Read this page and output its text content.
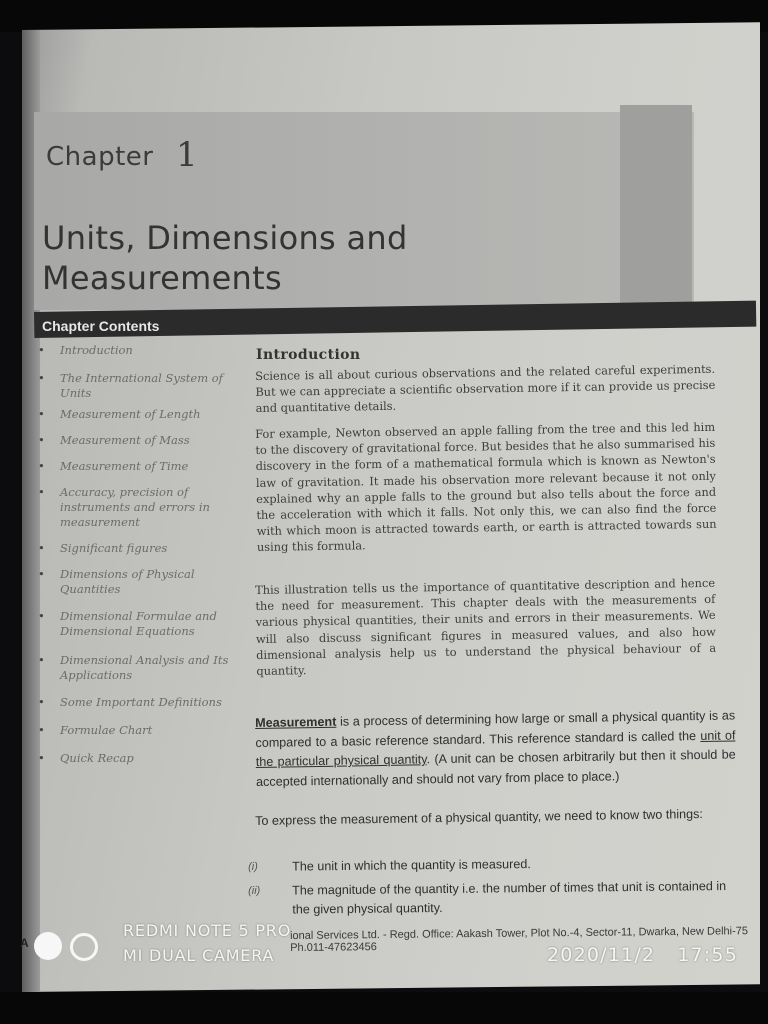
Chapter 1
Units, Dimensions and
Measurements
Chapter Contents
• Introduction
• The International System of Units
• Measurement of Length
• Measurement of Mass
• Measurement of Time
• Accuracy, precision of instruments and errors in measurement
• Significant figures
• Dimensions of Physical Quantities
• Dimensional Formulae and Dimensional Equations
• Dimensional Analysis and Its Applications
• Some Important Definitions
• Formulae Chart
• Quick Recap
Introduction

Science is all about curious observations and the related careful experiments. But we can appreciate a scientific observation more if it can provide us precise and quantitative details.

For example, Newton observed an apple falling from the tree and this led him to the discovery of gravitational force. But besides that he also summarised his discovery in the form of a mathematical formula which is known as Newton's law of gravitation. It made his observation more relevant because it not only explained why an apple falls to the ground but also tells about the force and the acceleration with which it falls. Not only this, we can also find the force with which moon is attracted towards earth, or earth is attracted towards sun using this formula.

This illustration tells us the importance of quantitative description and hence the need for measurement. This chapter deals with the measurements of various physical quantities, their units and errors in their measurements. We will also discuss significant figures in measured values, and also how dimensional analysis help us to understand the physical behaviour of a quantity.

Measurement is a process of determining how large or small a physical quantity is as compared to a basic reference standard. This reference standard is called the unit of the particular physical quantity. (A unit can be chosen arbitrarily but then it should be accepted internationally and should not vary from place to place.)

To express the measurement of a physical quantity, we need to know two things:

(i)	The unit in which the quantity is measured.
(ii)	The magnitude of the quantity i.e. the number of times that unit is contained in the given physical quantity.
A
ional Services Ltd. - Regd. Office: Aakash Tower, Plot No.-4, Sector-11, Dwarka, New Delhi-75 Ph.011-47623456
REDMI NOTE 5 PRO
MI DUAL CAMERA	2020/11/2 17:55
